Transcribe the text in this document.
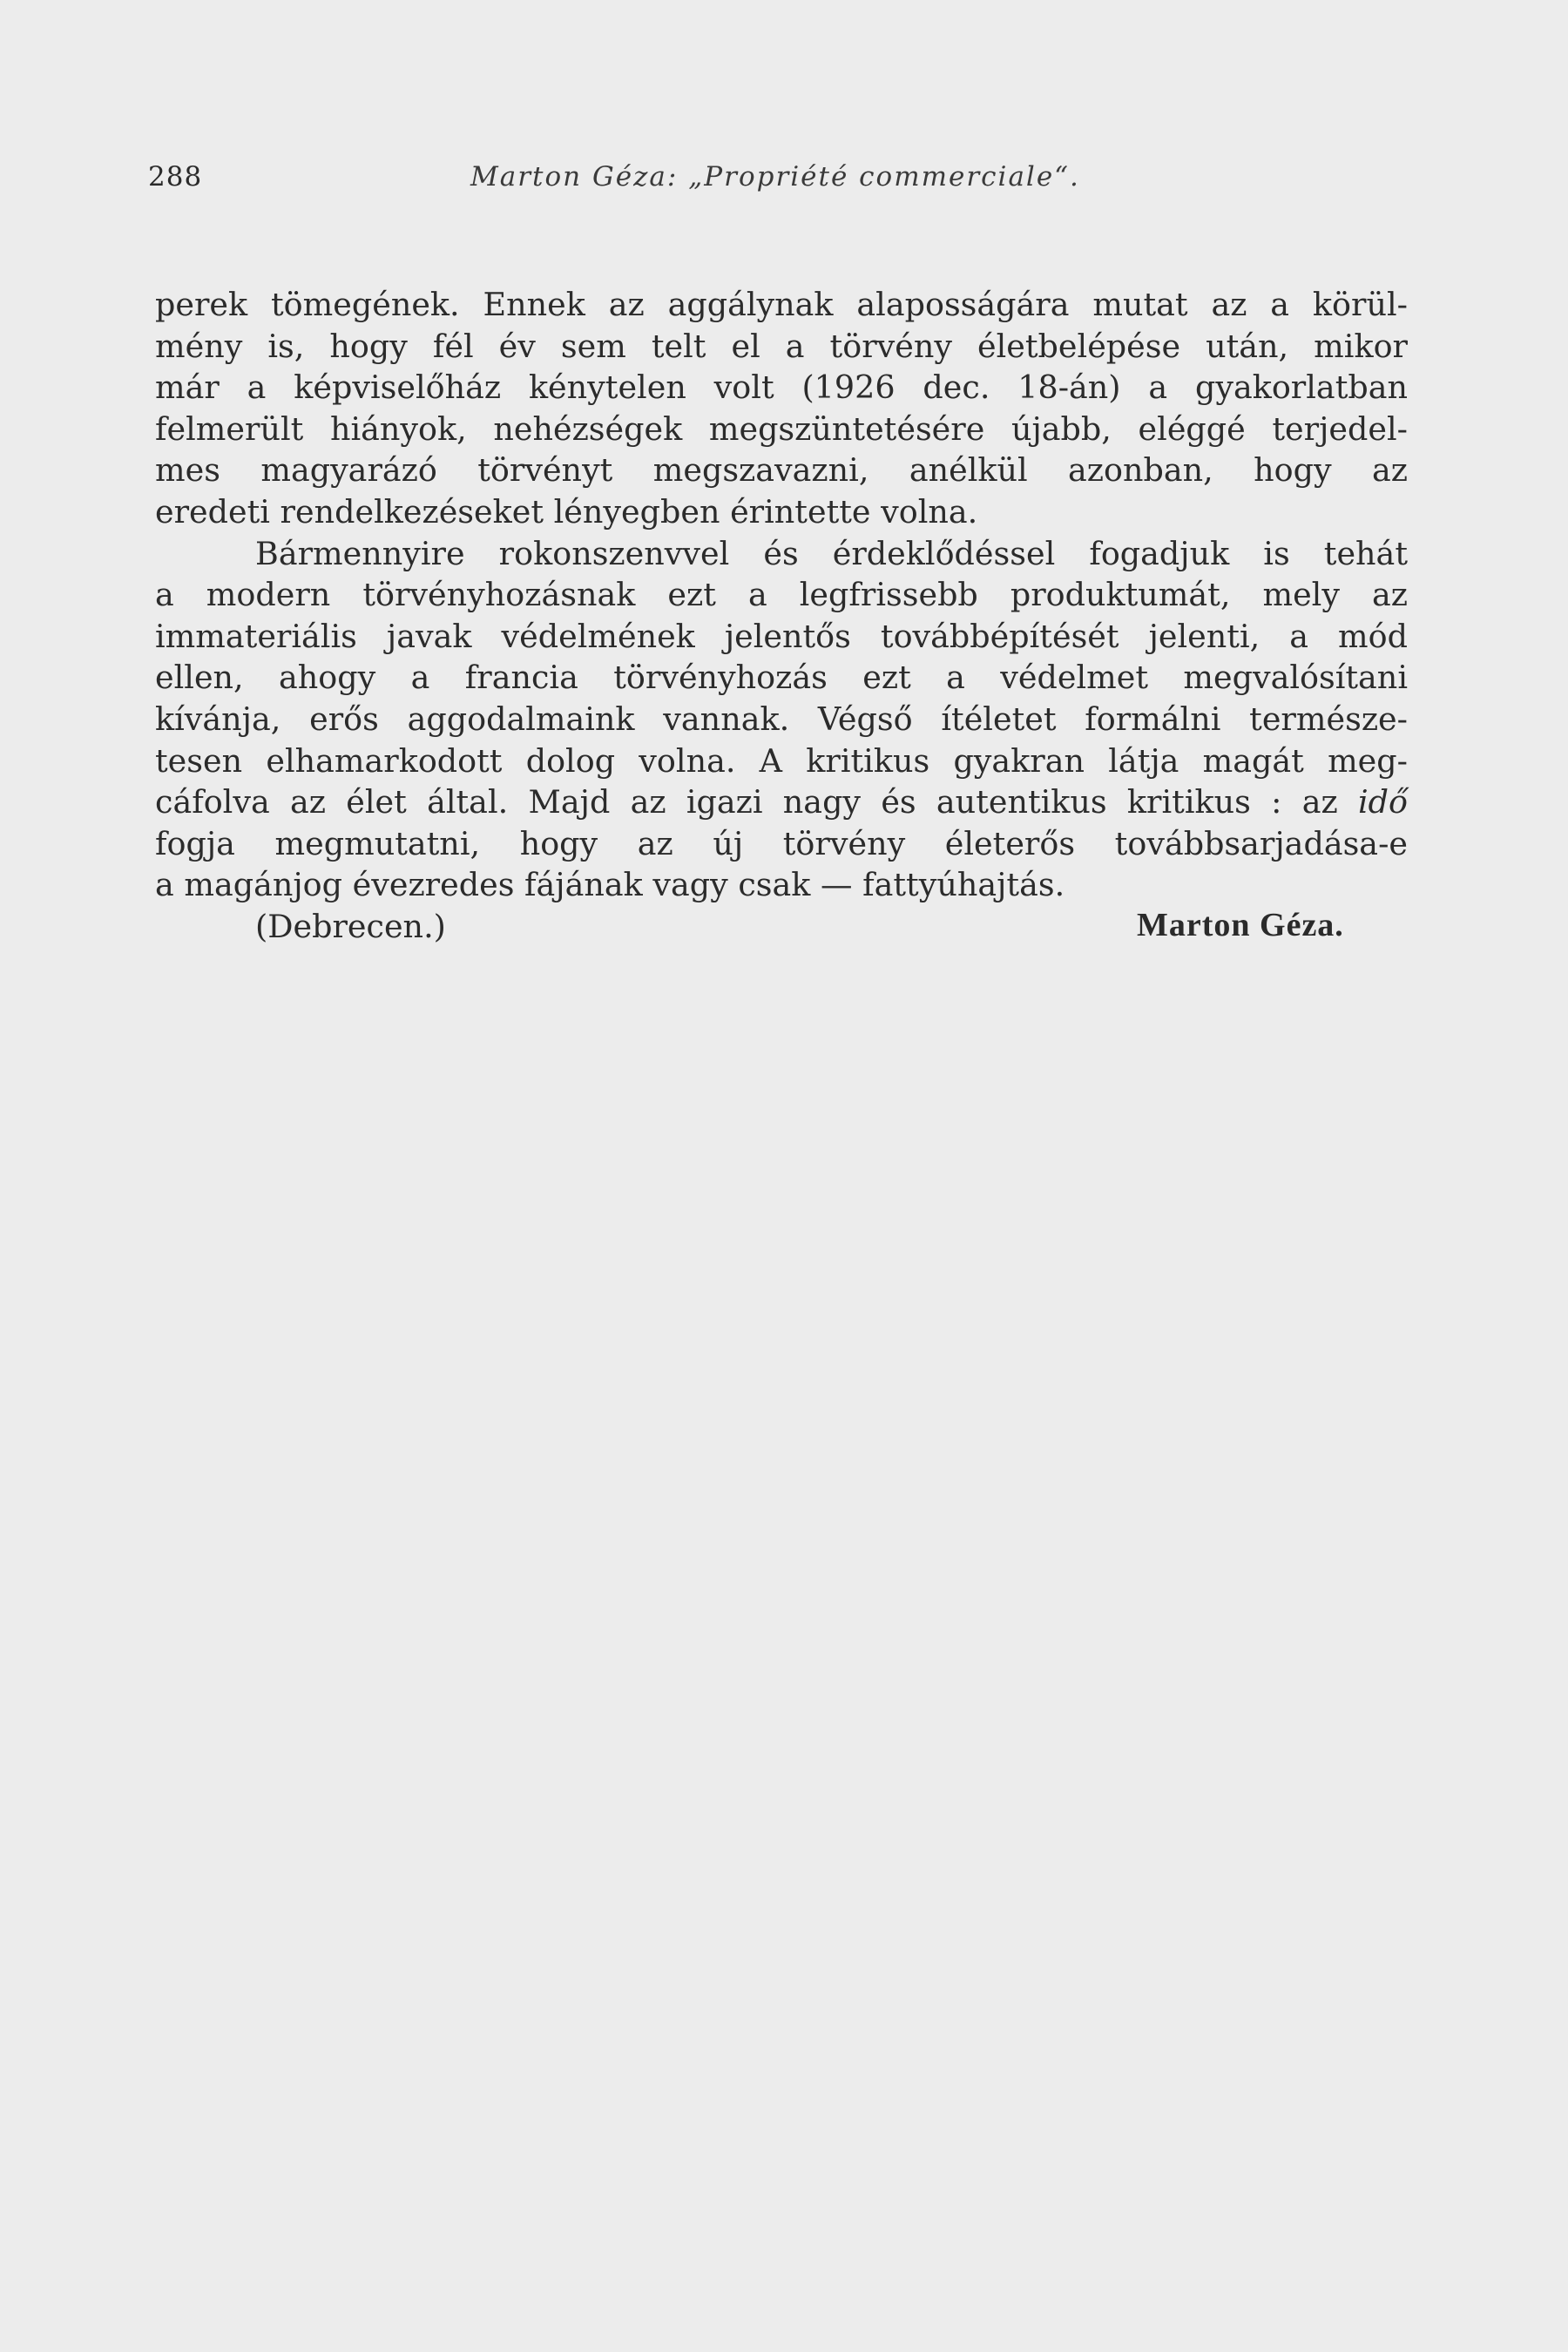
288	Marton Géza: „Propriété commerciale“.
perek tömegének. Ennek az aggálynak alaposságára mutat az a körül-
mény is, hogy fél év sem telt el a törvény életbelépése után, mikor
már a képviselőház kénytelen volt (1926 dec. 18-án) a gyakorlatban
felmerült hiányok, nehézségek megszüntetésére újabb, eléggé terjedel-
mes magyarázó törvényt megszavazni, anélkül azonban, hogy az
eredeti rendelkezéseket lényegben érintette volna.
Bármennyire rokonszenvvel és érdeklődéssel fogadjuk is tehát
a modern törvényhozásnak ezt a legfrissebb produktumát, mely az
immateriális javak védelmének jelentős továbbépítését jelenti, a mód
ellen, ahogy a francia törvényhozás ezt a védelmet megvalósítani
kívánja, erős aggodalmaink vannak. Végső ítéletet formálni természe-
tesen elhamarkodott dolog volna. A kritikus gyakran látja magát meg-
cáfolva az élet által. Majd az igazi nagy és autentikus kritikus : az idő
fogja megmutatni, hogy az új törvény életerős továbbsarjadása-e
a magánjog évezredes fájának vagy csak — fattyúhajtás.
(Debrecen.)	Marton Géza.
